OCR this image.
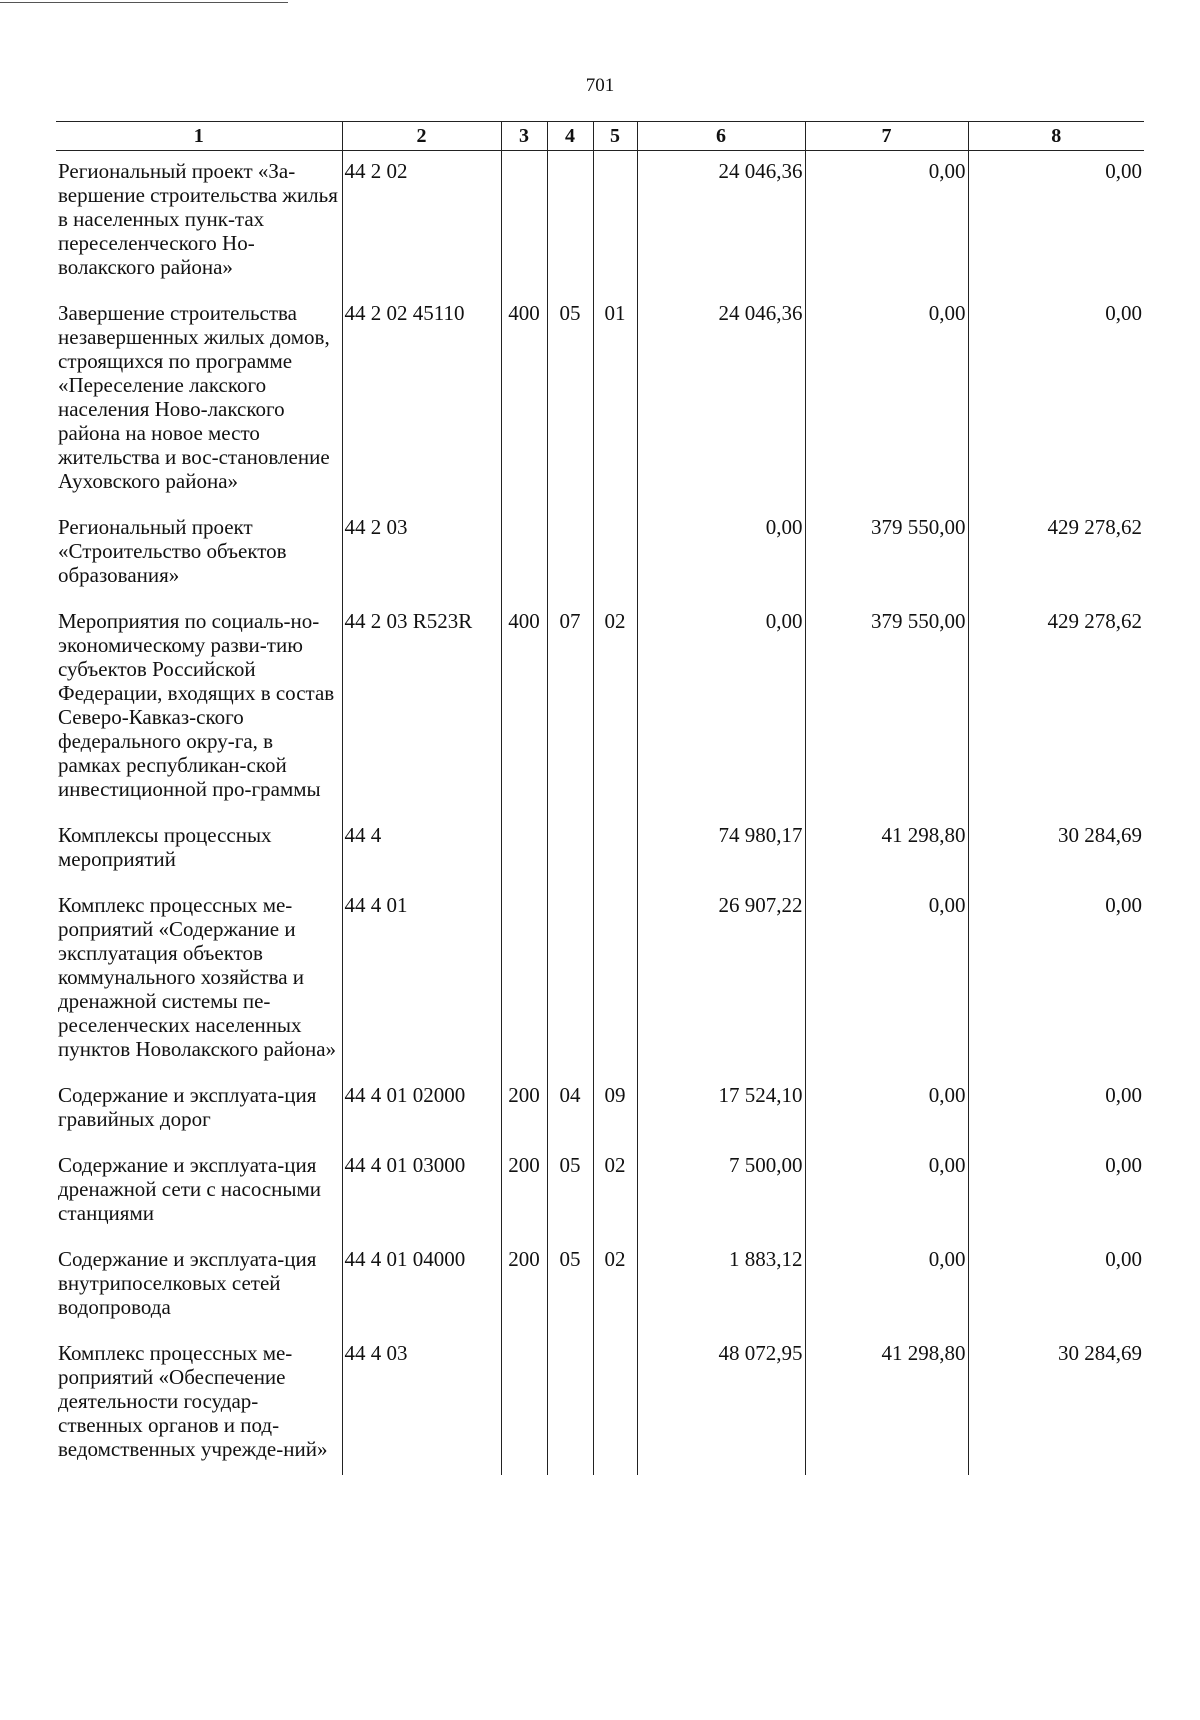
701
1	2	3	4	5	6	7	8
Региональный проект «За-вершение строительства жилья в населенных пунк-тах переселенческого Но-волакского района»	44 2 02				24 046,36	0,00	0,00
Завершение строительства незавершенных жилых домов, строящихся по программе «Переселение лакского населения Ново-лакского района на новое место жительства и вос-становление Ауховского района»	44 2 02 45110	400	05	01	24 046,36	0,00	0,00
Региональный проект «Строительство объектов образования»	44 2 03				0,00	379 550,00	429 278,62
Мероприятия по социаль-но-экономическому разви-тию субъектов Российской Федерации, входящих в состав Северо-Кавказ-ского федерального окру-га, в рамках республикан-ской инвестиционной про-граммы	44 2 03 R523R	400	07	02	0,00	379 550,00	429 278,62
Комплексы процессных мероприятий	44 4				74 980,17	41 298,80	30 284,69
Комплекс процессных ме-роприятий «Содержание и эксплуатация объектов коммунального хозяйства и дренажной системы пе-реселенческих населенных пунктов Новолакского района»	44 4 01				26 907,22	0,00	0,00
Содержание и эксплуата-ция гравийных дорог	44 4 01 02000	200	04	09	17 524,10	0,00	0,00
Содержание и эксплуата-ция дренажной сети с насосными станциями	44 4 01 03000	200	05	02	7 500,00	0,00	0,00
Содержание и эксплуата-ция внутрипоселковых сетей водопровода	44 4 01 04000	200	05	02	1 883,12	0,00	0,00
Комплекс процессных ме-роприятий «Обеспечение деятельности государ-ственных органов и под-ведомственных учрежде-ний»	44 4 03				48 072,95	41 298,80	30 284,69
